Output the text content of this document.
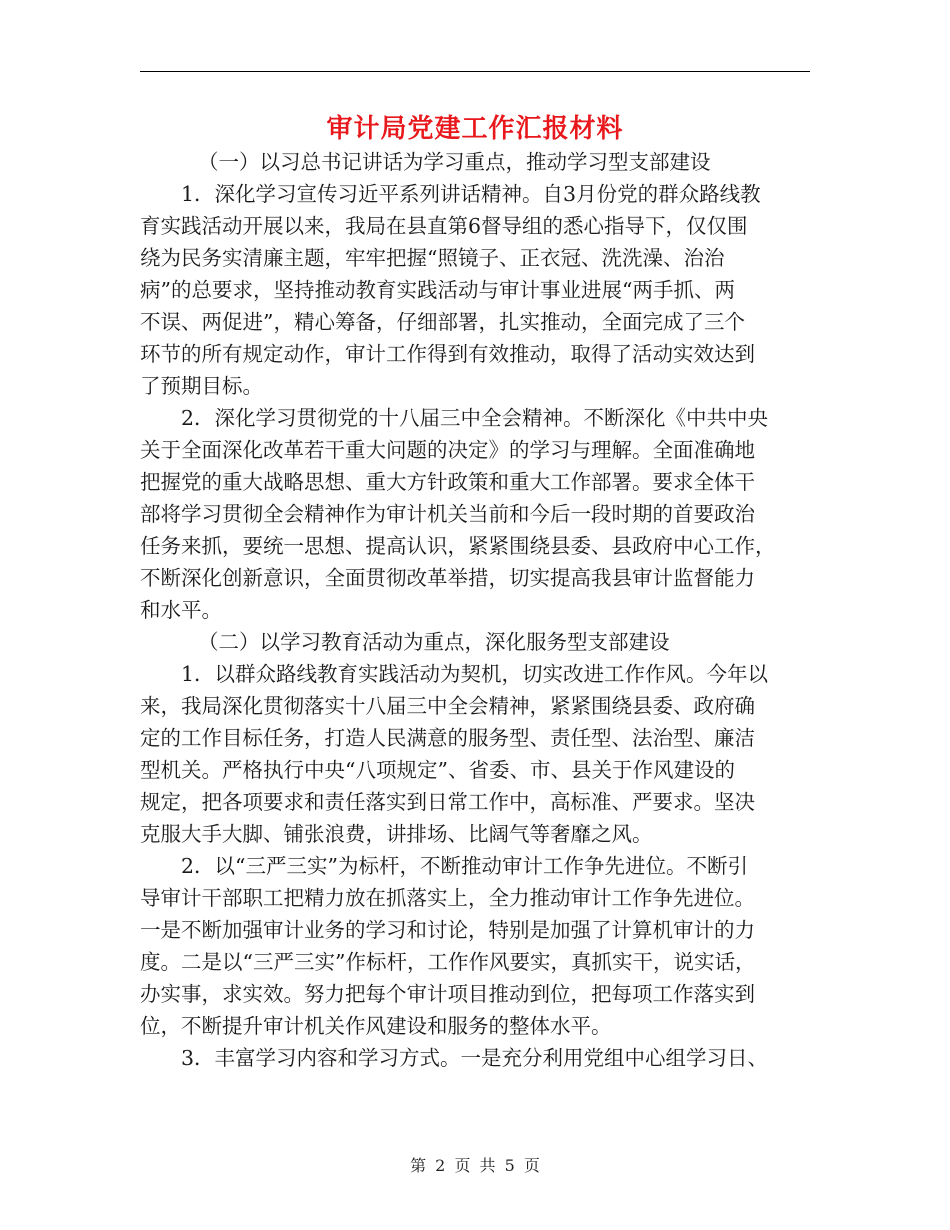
审计局党建工作汇报材料

（一）以习总书记讲话为学习重点，推动学习型支部建设

1．深化学习宣传习近平系列讲话精神。自3月份党的群众路线教
育实践活动开展以来，我局在县直第6督导组的悉心指导下，仅仅围
绕为民务实清廉主题，牢牢把握“照镜子、正衣冠、洗洗澡、治治
病”的总要求，坚持推动教育实践活动与审计事业进展“两手抓、两
不误、两促进”，精心筹备，仔细部署，扎实推动，全面完成了三个
环节的所有规定动作，审计工作得到有效推动，取得了活动实效达到
了预期目标。

2．深化学习贯彻党的十八届三中全会精神。不断深化《中共中央
关于全面深化改革若干重大问题的决定》的学习与理解。全面准确地
把握党的重大战略思想、重大方针政策和重大工作部署。要求全体干
部将学习贯彻全会精神作为审计机关当前和今后一段时期的首要政治
任务来抓，要统一思想、提高认识，紧紧围绕县委、县政府中心工作，
不断深化创新意识，全面贯彻改革举措，切实提高我县审计监督能力
和水平。

（二）以学习教育活动为重点，深化服务型支部建设

1．以群众路线教育实践活动为契机，切实改进工作作风。今年以
来，我局深化贯彻落实十八届三中全会精神，紧紧围绕县委、政府确
定的工作目标任务，打造人民满意的服务型、责任型、法治型、廉洁
型机关。严格执行中央“八项规定”、省委、市、县关于作风建设的
规定，把各项要求和责任落实到日常工作中，高标准、严要求。坚决
克服大手大脚、铺张浪费，讲排场、比阔气等奢靡之风。

2．以“三严三实”为标杆，不断推动审计工作争先进位。不断引
导审计干部职工把精力放在抓落实上，全力推动审计工作争先进位。
一是不断加强审计业务的学习和讨论，特别是加强了计算机审计的力
度。二是以“三严三实”作标杆，工作作风要实，真抓实干，说实话，
办实事，求实效。努力把每个审计项目推动到位，把每项工作落实到
位，不断提升审计机关作风建设和服务的整体水平。

3．丰富学习内容和学习方式。一是充分利用党组中心组学习日、

第 2 页 共 5 页
